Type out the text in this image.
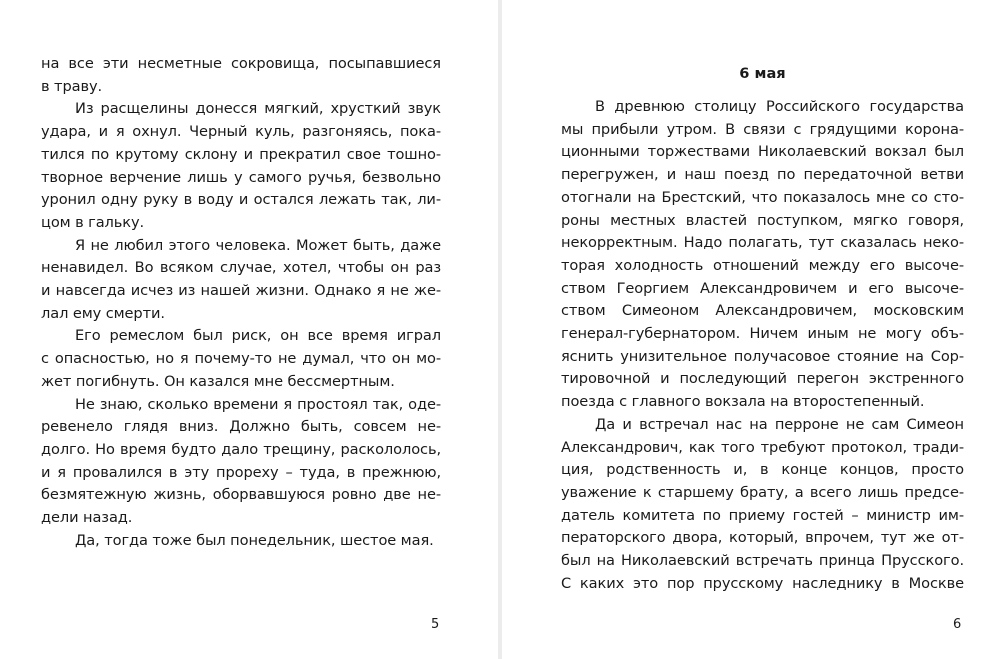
на все эти несметные сокровища, посыпавшиеся
в траву.
Из расщелины донесся мягкий, хрусткий звук
удара, и я охнул. Черный куль, разгоняясь, пока-
тился по крутому склону и прекратил свое тошно-
творное верчение лишь у самого ручья, безвольно
уронил одну руку в воду и остался лежать так, ли-
цом в гальку.
Я не любил этого человека. Может быть, даже
ненавидел. Во всяком случае, хотел, чтобы он раз
и навсегда исчез из нашей жизни. Однако я не же-
лал ему смерти.
Его ремеслом был риск, он все время играл
с опасностью, но я почему-то не думал, что он мо-
жет погибнуть. Он казался мне бессмертным.
Не знаю, сколько времени я простоял так, оде-
ревенело глядя вниз. Должно быть, совсем не-
долго. Но время будто дало трещину, раскололось,
и я провалился в эту прореху – туда, в прежнюю,
безмятежную жизнь, оборвавшуюся ровно две не-
дели назад.
Да, тогда тоже был понедельник, шестое мая.
5
6 мая
В древнюю столицу Российского государства
мы прибыли утром. В связи с грядущими корона-
ционными торжествами Николаевский вокзал был
перегружен, и наш поезд по передаточной ветви
отогнали на Брестский, что показалось мне со сто-
роны местных властей поступком, мягко говоря,
некорректным. Надо полагать, тут сказалась неко-
торая холодность отношений между его высоче-
ством Георгием Александровичем и его высоче-
ством Симеоном Александровичем, московским
генерал-губернатором. Ничем иным не могу объ-
яснить унизительное получасовое стояние на Сор-
тировочной и последующий перегон экстренного
поезда с главного вокзала на второстепенный.
Да и встречал нас на перроне не сам Симеон
Александрович, как того требуют протокол, тради-
ция, родственность и, в конце концов, просто
уважение к старшему брату, а всего лишь предсе-
датель комитета по приему гостей – министр им-
ператорского двора, который, впрочем, тут же от-
был на Николаевский встречать принца Прусского.
С каких это пор прусскому наследнику в Москве
6
